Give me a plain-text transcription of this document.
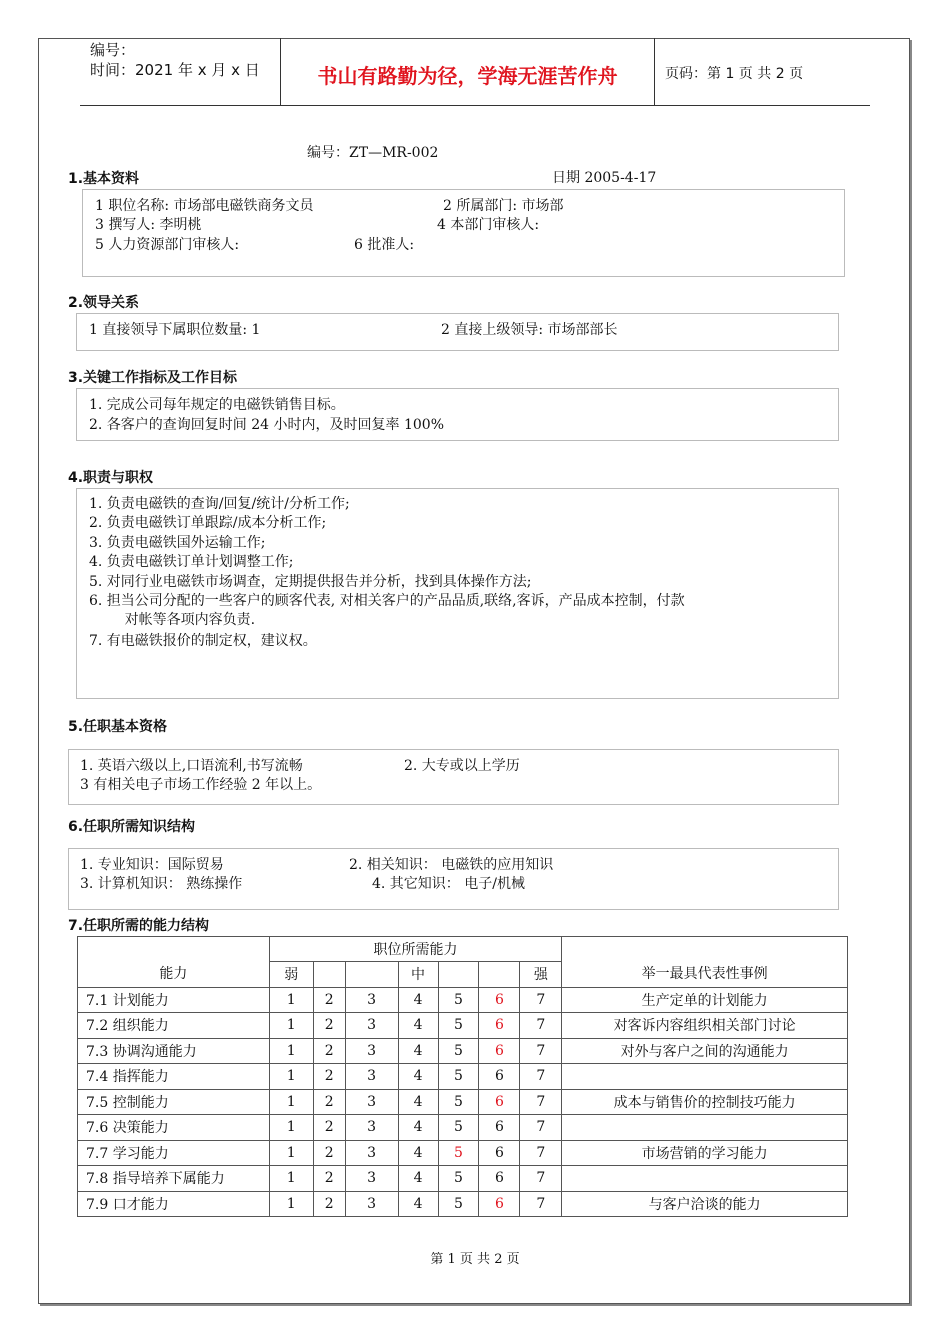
编号：
时间：2021 年 x 月 x 日	书山有路勤为径，学海无涯苦作舟	页码：第 1 页 共 2 页
编号：ZT—MR-002
1.基本资料	日期 2005-4-17
1 职位名称: 市场部电磁铁商务文员	2 所属部门: 市场部
3 撰写人: 李明桃	4 本部门审核人:
5 人力资源部门审核人:	6 批准人:
2.领导关系
1 直接领导下属职位数量: 1	2 直接上级领导: 市场部部长
3.关键工作指标及工作目标
1. 完成公司每年规定的电磁铁销售目标。
2. 各客户的查询回复时间 24 小时内，及时回复率 100%
4.职责与职权
1. 负责电磁铁的查询/回复/统计/分析工作;
2. 负责电磁铁订单跟踪/成本分析工作;
3. 负责电磁铁国外运输工作;
4. 负责电磁铁订单计划调整工作;
5. 对同行业电磁铁市场调查，定期提供报告并分析，找到具体操作方法;
6. 担当公司分配的一些客户的顾客代表, 对相关客户的产品品质,联络,客诉，产品成本控制，付款
对帐等各项内容负责.
7. 有电磁铁报价的制定权，建议权。
5.任职基本资格
1. 英语六级以上,口语流利,书写流畅	2. 大专或以上学历
3 有相关电子市场工作经验 2 年以上。
6.任职所需知识结构
1. 专业知识：国际贸易	2. 相关知识： 电磁铁的应用知识
3. 计算机知识： 熟练操作	4. 其它知识： 电子/机械
7.任职所需的能力结构
能力	职位所需能力							举一最具代表性事例
	弱			中			强	
7.1 计划能力	1	2	3	4	5	6	7	生产定单的计划能力
7.2 组织能力	1	2	3	4	5	6	7	对客诉内容组织相关部门讨论
7.3 协调沟通能力	1	2	3	4	5	6	7	对外与客户之间的沟通能力
7.4 指挥能力	1	2	3	4	5	6	7	
7.5 控制能力	1	2	3	4	5	6	7	成本与销售价的控制技巧能力
7.6 决策能力	1	2	3	4	5	6	7	
7.7 学习能力	1	2	3	4	5	6	7	市场营销的学习能力
7.8 指导培养下属能力	1	2	3	4	5	6	7	
7.9 口才能力	1	2	3	4	5	6	7	与客户洽谈的能力
第 1 页 共 2 页
